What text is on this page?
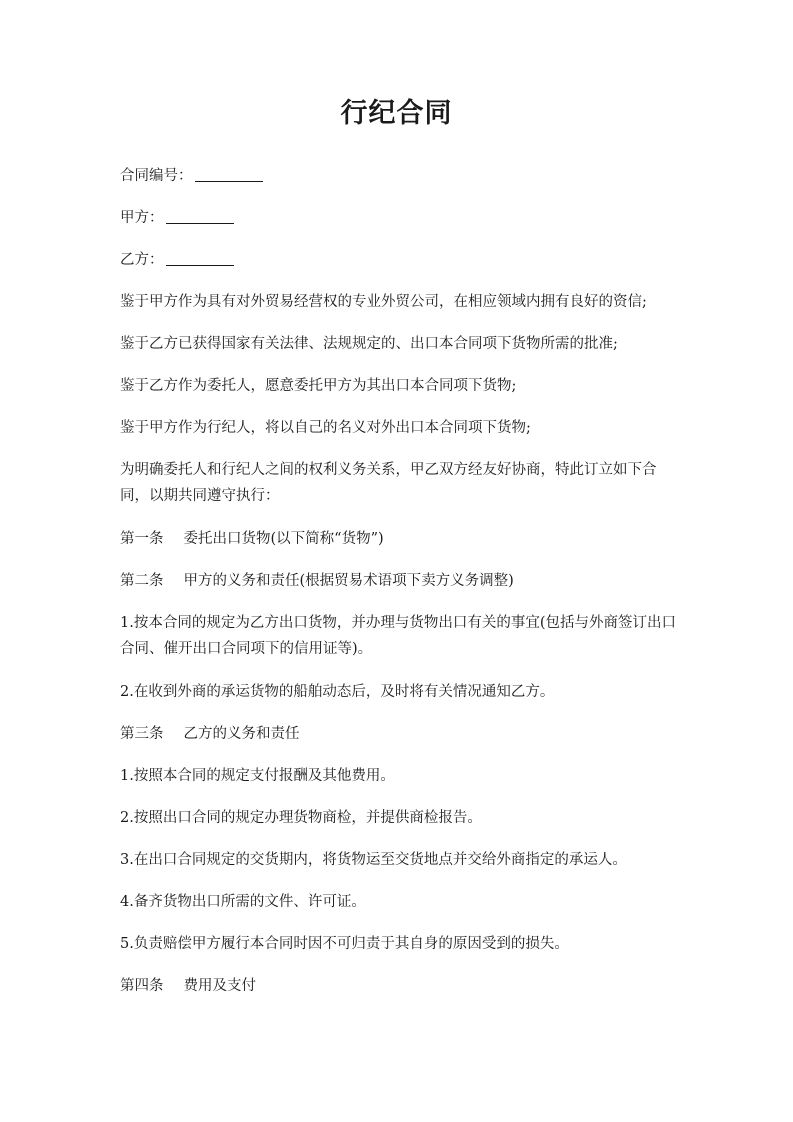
行纪合同

合同编号：

甲方：

乙方：

鉴于甲方作为具有对外贸易经营权的专业外贸公司，在相应领域内拥有良好的资信;

鉴于乙方已获得国家有关法律、法规规定的、出口本合同项下货物所需的批准;

鉴于乙方作为委托人，愿意委托甲方为其出口本合同项下货物;

鉴于甲方作为行纪人，将以自己的名义对外出口本合同项下货物;

为明确委托人和行纪人之间的权利义务关系，甲乙双方经友好协商，特此订立如下合同，以期共同遵守执行：

第一条 委托出口货物(以下简称“货物”)

第二条 甲方的义务和责任(根据贸易术语项下卖方义务调整)

1.按本合同的规定为乙方出口货物，并办理与货物出口有关的事宜(包括与外商签订出口合同、催开出口合同项下的信用证等)。

2.在收到外商的承运货物的船舶动态后，及时将有关情况通知乙方。

第三条 乙方的义务和责任

1.按照本合同的规定支付报酬及其他费用。

2.按照出口合同的规定办理货物商检，并提供商检报告。

3.在出口合同规定的交货期内，将货物运至交货地点并交给外商指定的承运人。

4.备齐货物出口所需的文件、许可证。

5.负责赔偿甲方履行本合同时因不可归责于其自身的原因受到的损失。

第四条 费用及支付
